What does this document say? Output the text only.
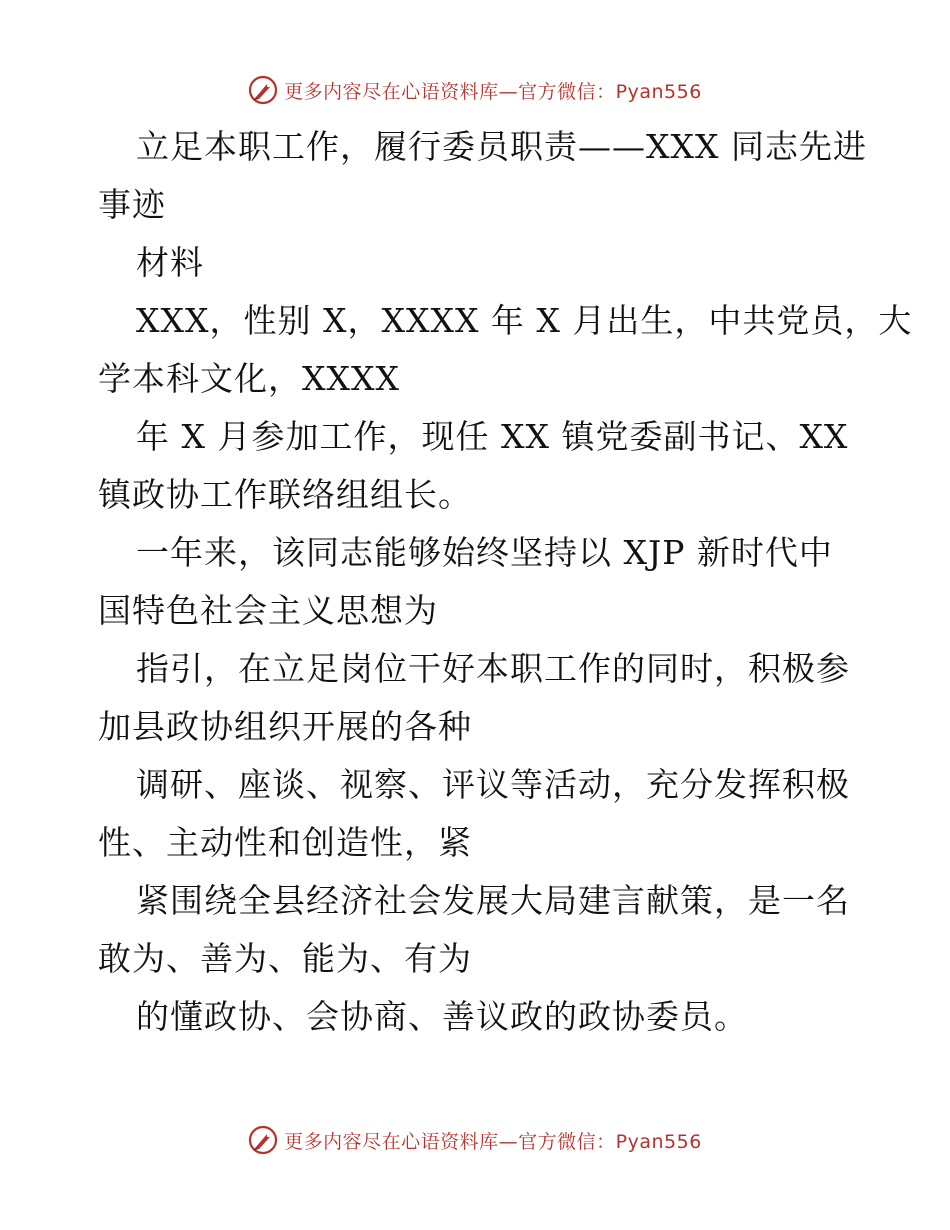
更多内容尽在心语资料库—官方微信：Pyan556
立足本职工作，履行委员职责——XXX 同志先进
事迹
材料
XXX，性别 X，XXXX 年 X 月出生，中共党员，大
学本科文化，XXXX
年 X 月参加工作，现任 XX 镇党委副书记、XX
镇政协工作联络组组长。
一年来，该同志能够始终坚持以 XJP 新时代中
国特色社会主义思想为
指引，在立足岗位干好本职工作的同时，积极参
加县政协组织开展的各种
调研、座谈、视察、评议等活动，充分发挥积极
性、主动性和创造性，紧
紧围绕全县经济社会发展大局建言献策，是一名
敢为、善为、能为、有为
的懂政协、会协商、善议政的政协委员。
更多内容尽在心语资料库—官方微信：Pyan556
